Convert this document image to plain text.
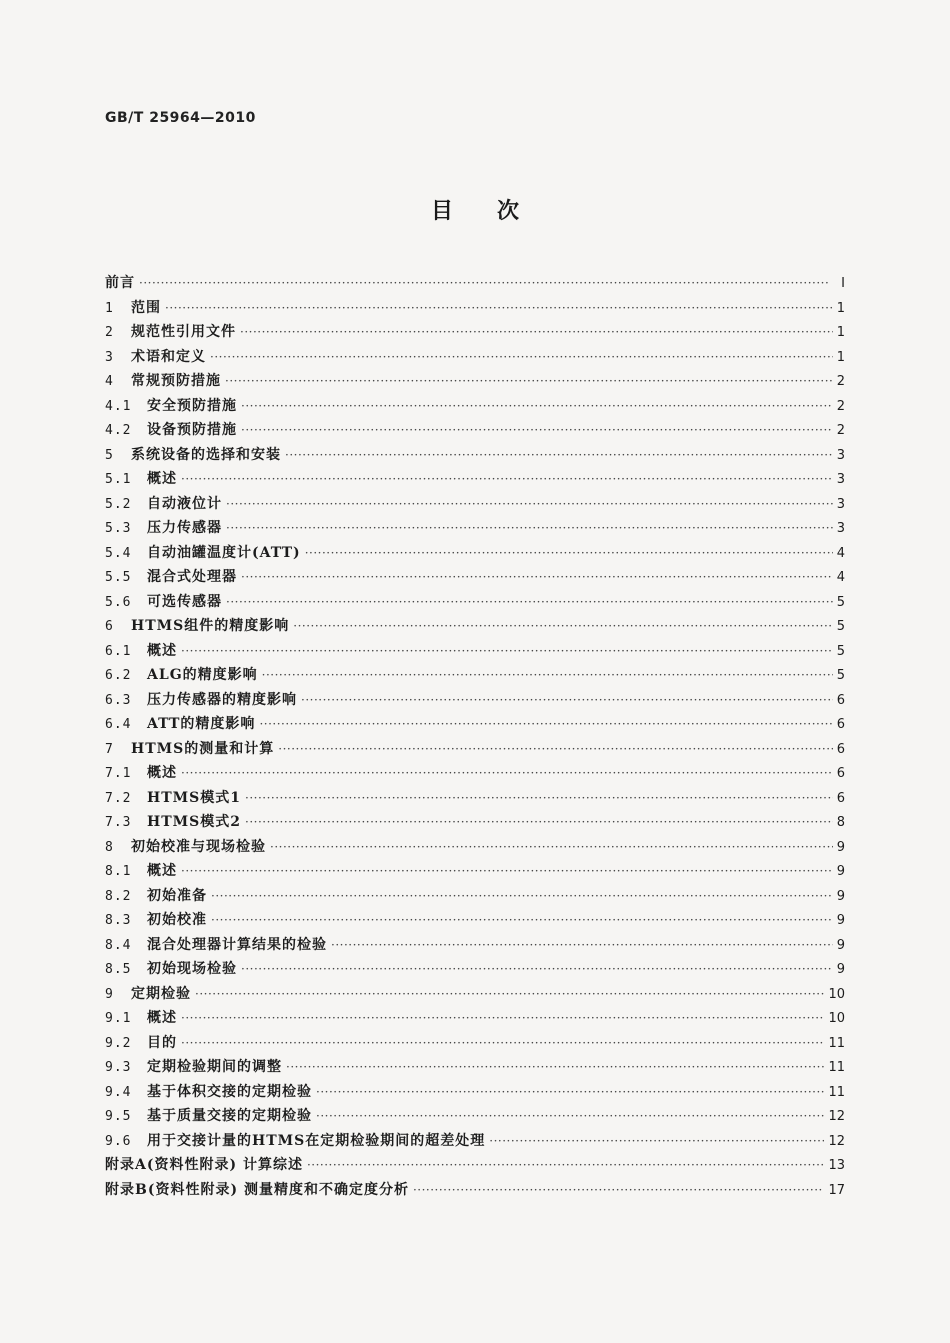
GB/T 25964—2010
目次
前言 ·····	Ⅰ
1	范围 ·····	1
2	规范性引用文件 ·····	1
3	术语和定义 ·····	1
4	常规预防措施 ·····	2
4.1	安全预防措施 ·····	2
4.2	设备预防措施 ·····	2
5	系统设备的选择和安装 ·····	3
5.1	概述 ·····	3
5.2	自动液位计 ·····	3
5.3	压力传感器 ·····	3
5.4	自动油罐温度计(ATT) ·····	4
5.5	混合式处理器 ·····	4
5.6	可选传感器 ·····	5
6	HTMS组件的精度影响 ·····	5
6.1	概述 ·····	5
6.2	ALG的精度影响 ·····	5
6.3	压力传感器的精度影响 ·····	6
6.4	ATT的精度影响 ·····	6
7	HTMS的测量和计算 ·····	6
7.1	概述 ·····	6
7.2	HTMS模式1 ·····	6
7.3	HTMS模式2 ·····	8
8	初始校准与现场检验 ·····	9
8.1	概述 ·····	9
8.2	初始准备 ·····	9
8.3	初始校准 ·····	9
8.4	混合处理器计算结果的检验 ·····	9
8.5	初始现场检验 ·····	9
9	定期检验 ·····	10
9.1	概述 ·····	10
9.2	目的 ·····	11
9.3	定期检验期间的调整 ·····	11
9.4	基于体积交接的定期检验 ·····	11
9.5	基于质量交接的定期检验 ·····	12
9.6	用于交接计量的HTMS在定期检验期间的超差处理 ·····	12
附录A(资料性附录) 计算综述 ·····	13
附录B(资料性附录) 测量精度和不确定度分析 ·····	17
